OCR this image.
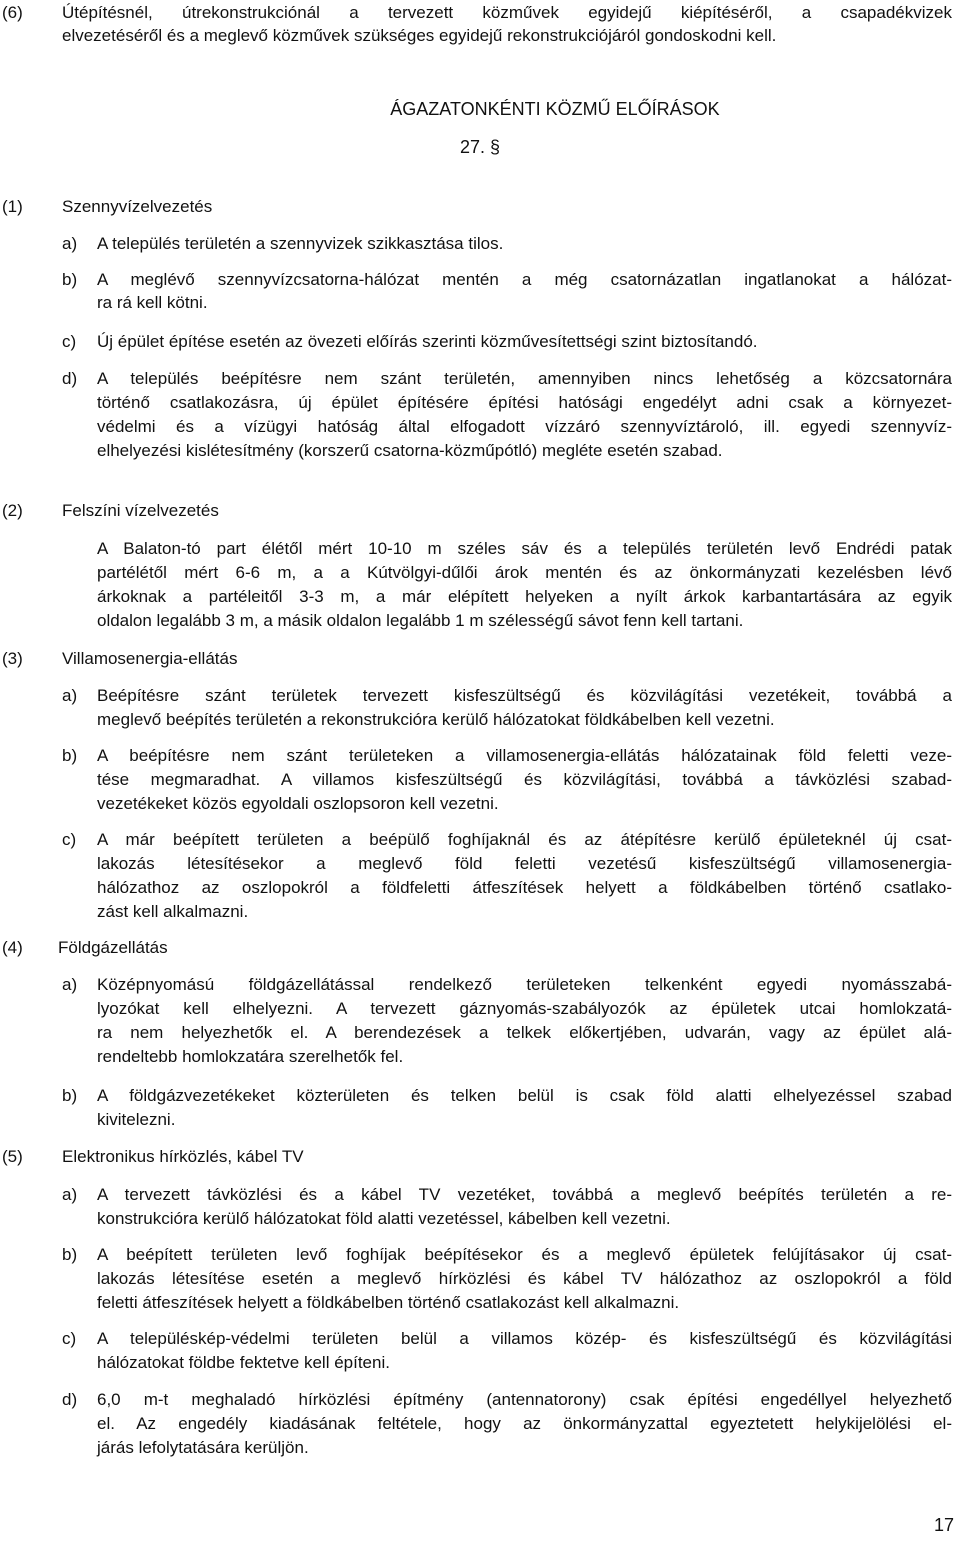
(6) Útépítésnél, útrekonstrukciónál a tervezett közművek egyidejű kiépítéséről, a csapadékvizek
elvezetéséről és a meglevő közművek szükséges egyidejű rekonstrukciójáról gondoskodni kell.
ÁGAZATONKÉNTI KÖZMŰ ELŐÍRÁSOK
27. §
(1) Szennyvízelvezetés
a) A település területén a szennyvizek szikkasztása tilos.
b) A meglévő szennyvízcsatorna-hálózat mentén a még csatornázatlan ingatlanokat a hálózat-
ra rá kell kötni.
c) Új épület építése esetén az övezeti előírás szerinti közművesítettségi szint biztosítandó.
d) A település beépítésre nem szánt területén, amennyiben nincs lehetőség a közcsatornára
történő csatlakozásra, új épület építésére építési hatósági engedélyt adni csak a környezet-
védelmi és a vízügyi hatóság által elfogadott vízzáró szennyvíztároló, ill. egyedi szennyvíz-
elhelyezési kislétesítmény (korszerű csatorna-közműpótló) megléte esetén szabad.
(2) Felszíni vízelvezetés
A Balaton-tó part élétől mért 10-10 m széles sáv és a település területén levő Endrédi patak
partélétől mért 6-6 m, a a Kútvölgyi-dűlői árok mentén és az önkormányzati kezelésben lévő
árkoknak a partéleitől 3-3 m, a már elépített helyeken a nyílt árkok karbantartására az egyik
oldalon legalább 3 m, a másik oldalon legalább 1 m szélességű sávot fenn kell tartani.
(3) Villamosenergia-ellátás
a) Beépítésre szánt területek tervezett kisfeszültségű és közvilágítási vezetékeit, továbbá a
meglevő beépítés területén a rekonstrukcióra kerülő hálózatokat földkábelben kell vezetni.
b) A beépítésre nem szánt területeken a villamosenergia-ellátás hálózatainak föld feletti veze-
tése megmaradhat. A villamos kisfeszültségű és közvilágítási, továbbá a távközlési szabad-
vezetékeket közös egyoldali oszlopsoron kell vezetni.
c) A már beépített területen a beépülő foghíjaknál és az átépítésre kerülő épületeknél új csat-
lakozás létesítésekor a meglevő föld feletti vezetésű kisfeszültségű villamosenergia-
hálózathoz az oszlopokról a földfeletti átfeszítések helyett a földkábelben történő csatlako-
zást kell alkalmazni.
(4) Földgázellátás
a) Középnyomású földgázellátással rendelkező területeken telkenként egyedi nyomásszabá-
lyozókat kell elhelyezni. A tervezett gáznyomás-szabályozók az épületek utcai homlokzatá-
ra nem helyezhetők el. A berendezések a telkek előkertjében, udvarán, vagy az épület alá-
rendeltebb homlokzatára szerelhetők fel.
b) A földgázvezetékeket közterületen és telken belül is csak föld alatti elhelyezéssel szabad
kivitelezni.
(5) Elektronikus hírközlés, kábel TV
a) A tervezett távközlési és a kábel TV vezetéket, továbbá a meglevő beépítés területén a re-
konstrukcióra kerülő hálózatokat föld alatti vezetéssel, kábelben kell vezetni.
b) A beépített területen levő foghíjak beépítésekor és a meglevő épületek felújításakor új csat-
lakozás létesítése esetén a meglevő hírközlési és kábel TV hálózathoz az oszlopokról a föld
feletti átfeszítések helyett a földkábelben történő csatlakozást kell alkalmazni.
c) A településkép-védelmi területen belül a villamos közép- és kisfeszültségű és közvilágítási
hálózatokat földbe fektetve kell építeni.
d) 6,0 m-t meghaladó hírközlési építmény (antennatorony) csak építési engedéllyel helyezhető
el. Az engedély kiadásának feltétele, hogy az önkormányzattal egyeztetett helykijelölési el-
járás lefolytatására kerüljön.
17
